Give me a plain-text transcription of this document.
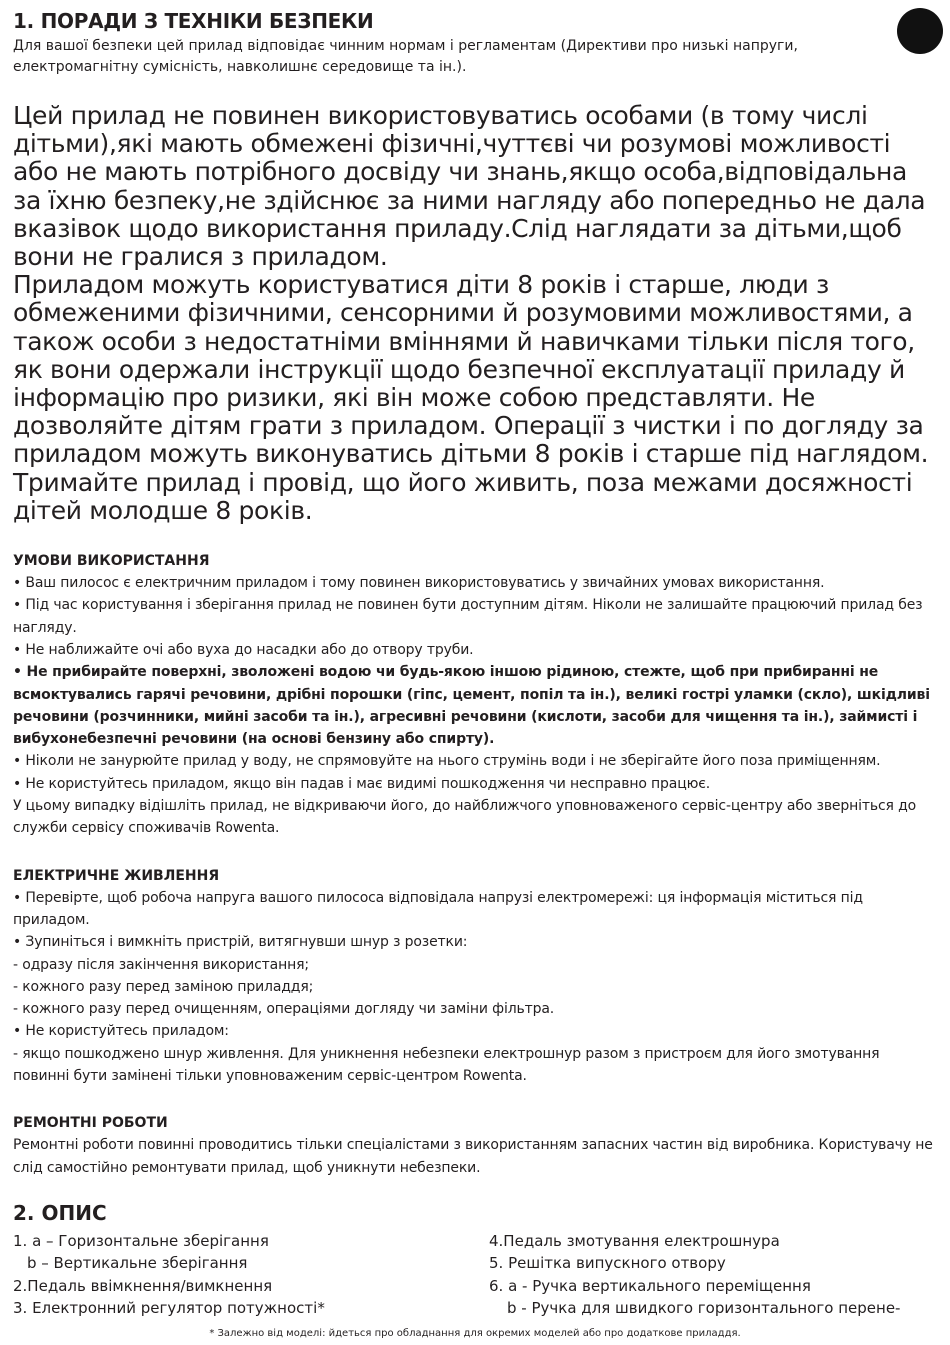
1. ПОРАДИ З ТЕХНІКИ БЕЗПЕКИ

Для вашої безпеки цей прилад відповідає чинним нормам і регламентам (Директиви про низькі напруги, електромагнітну сумісність, навколишнє середовище та ін.).

Цей прилад не повинен використовуватись особами (в тому числі дітьми),які мають обмежені фізичні,чуттєві чи розумові можливості або не мають потрібного досвіду чи знань,якщо особа,відповідальна за їхню безпеку,не здійснює за ними нагляду або попередньо не дала вказівок щодо використання приладу.Слід наглядати за дітьми,щоб вони не гралися з приладом.

Приладом можуть користуватися діти 8 років і старше, люди з обмеженими фізичними, сенсорними й розумовими можливостями, а також особи з недостатніми вміннями й навичками тільки після того, як вони одержали інструкції щодо безпечної експлуатації приладу й інформацію про ризики, які він може собою представляти. Не дозволяйте дітям грати з приладом. Операції з чистки і по догляду за приладом можуть виконуватись дітьми 8 років і старше під наглядом.

Тримайте прилад і провід, що його живить, поза межами досяжності дітей молодше 8 років.

УМОВИ ВИКОРИСТАННЯ

• Ваш пилосос є електричним приладом і тому повинен використовуватись у звичайних умовах використання.

• Під час користування і зберігання прилад не повинен бути доступним дітям. Ніколи не залишайте працюючий прилад без нагляду.

• Не наближайте очі або вуха до насадки або до отвору труби.

• Не прибирайте поверхні, зволожені водою чи будь-якою іншою рідиною, стежте, щоб при прибиранні не всмоктувались гарячі речовини, дрібні порошки (гіпс, цемент, попіл та ін.), великі гострі уламки (скло), шкідливі речовини (розчинники, мийні засоби та ін.), агресивні речовини (кислоти, засоби для чищення та ін.), займисті і вибухонебезпечні речовини (на основі бензину або спирту).

• Ніколи не занурюйте прилад у воду, не спрямовуйте на нього струмінь води і не зберігайте його поза приміщенням.

• Не користуйтесь приладом, якщо він падав і має видимі пошкодження чи несправно працює.

У цьому випадку відішліть прилад, не відкриваючи його, до найближчого уповноваженого сервіс-центру або зверніться до служби сервісу споживачів Rowenta.

ЕЛЕКТРИЧНЕ ЖИВЛЕННЯ

• Перевірте, щоб робоча напруга вашого пилососа відповідала напрузі електромережі: ця інформація міститься під приладом.

• Зупиніться і вимкніть пристрій, витягнувши шнур з розетки:

- одразу після закінчення використання;

- кожного разу перед заміною приладдя;

- кожного разу перед очищенням, операціями догляду чи заміни фільтра.

• Не користуйтесь приладом:

- якщо пошкоджено шнур живлення. Для уникнення небезпеки електрошнур разом з пристроєм для його змотування повинні бути замінені тільки уповноваженим сервіс-центром Rowenta.

РЕМОНТНІ РОБОТИ

Ремонтні роботи повинні проводитись тільки спеціалістами з використанням запасних частин від виробника. Користувачу не слід самостійно ремонтувати прилад, щоб уникнути небезпеки.

2. ОПИС

1. a – Горизонтальне зберігання

b – Вертикальне зберігання

2.Педаль ввімкнення/вимкнення

3. Електронний регулятор потужності*

4.Педаль змотування електрошнура

5. Решітка випускного отвору

6. a - Ручка вертикального переміщення

b - Ручка для швидкого горизонтального перене-

* Залежно від моделі: йдеться про обладнання для окремих моделей або про додаткове приладдя.
